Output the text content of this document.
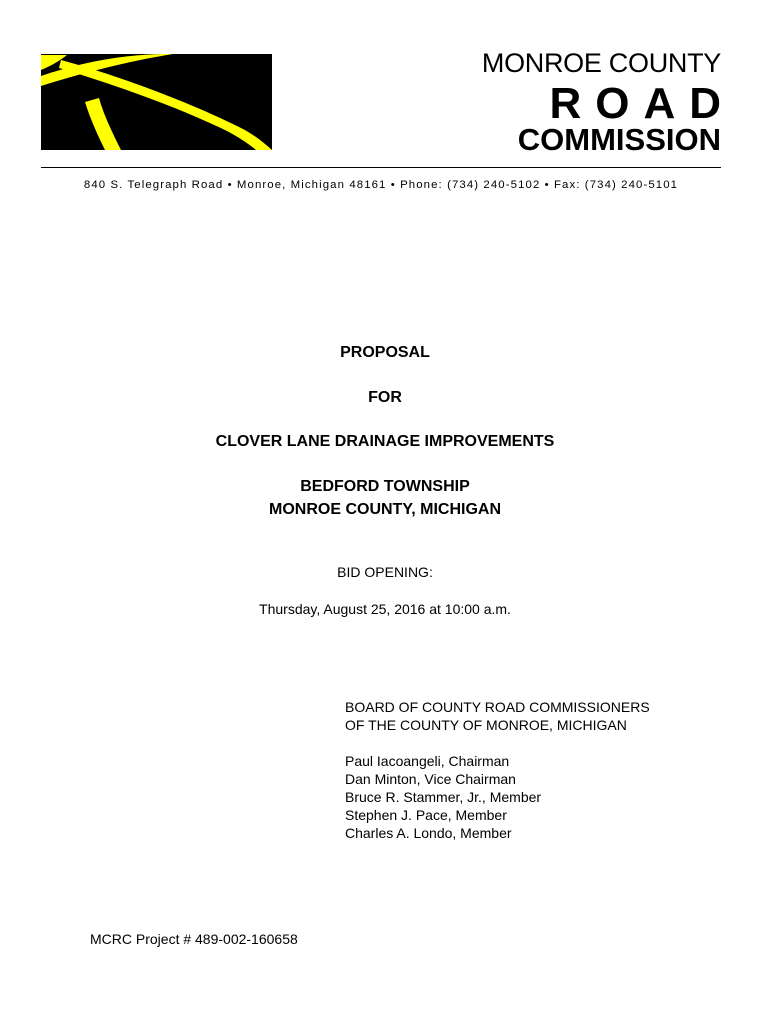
MONROE COUNTY
ROAD
COMMISSION
840 S. Telegraph Road • Monroe, Michigan 48161 • Phone: (734) 240-5102 • Fax: (734) 240-5101
PROPOSAL
FOR
CLOVER LANE DRAINAGE IMPROVEMENTS
BEDFORD TOWNSHIP
MONROE COUNTY, MICHIGAN
BID OPENING:
Thursday, August 25, 2016 at 10:00 a.m.
BOARD OF COUNTY ROAD COMMISSIONERS
OF THE COUNTY OF MONROE, MICHIGAN
Paul Iacoangeli, Chairman
Dan Minton, Vice Chairman
Bruce R. Stammer, Jr., Member
Stephen J. Pace, Member
Charles A. Londo, Member
MCRC Project # 489-002-160658
